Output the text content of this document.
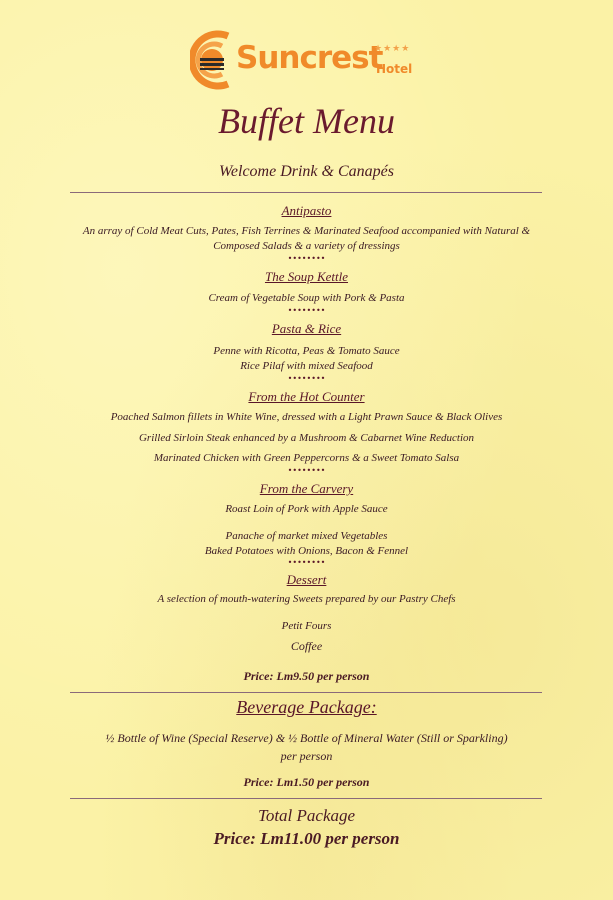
Suncrest
★★★★
Hotel
Buffet Menu
Welcome Drink & Canapés
Antipasto
An array of Cold Meat Cuts, Pates, Fish Terrines & Marinated Seafood accompanied with Natural &
Composed Salads & a variety of dressings
••••••••
The Soup Kettle
Cream of Vegetable Soup with Pork & Pasta
••••••••
Pasta & Rice
Penne with Ricotta, Peas & Tomato Sauce
Rice Pilaf with mixed Seafood
••••••••
From the Hot Counter
Poached Salmon fillets in White Wine, dressed with a Light Prawn Sauce & Black Olives
Grilled Sirloin Steak enhanced by a Mushroom & Cabarnet Wine Reduction
Marinated Chicken with Green Peppercorns & a Sweet Tomato Salsa
••••••••
From the Carvery
Roast Loin of Pork with Apple Sauce
Panache of market mixed Vegetables
Baked Potatoes with Onions, Bacon & Fennel
••••••••
Dessert
A selection of mouth-watering Sweets prepared by our Pastry Chefs
Petit Fours
Coffee
Price: Lm9.50 per person
Beverage Package:
½ Bottle of Wine (Special Reserve) & ½ Bottle of Mineral Water (Still or Sparkling)
per person
Price: Lm1.50 per person
Total Package
Price: Lm11.00 per person
